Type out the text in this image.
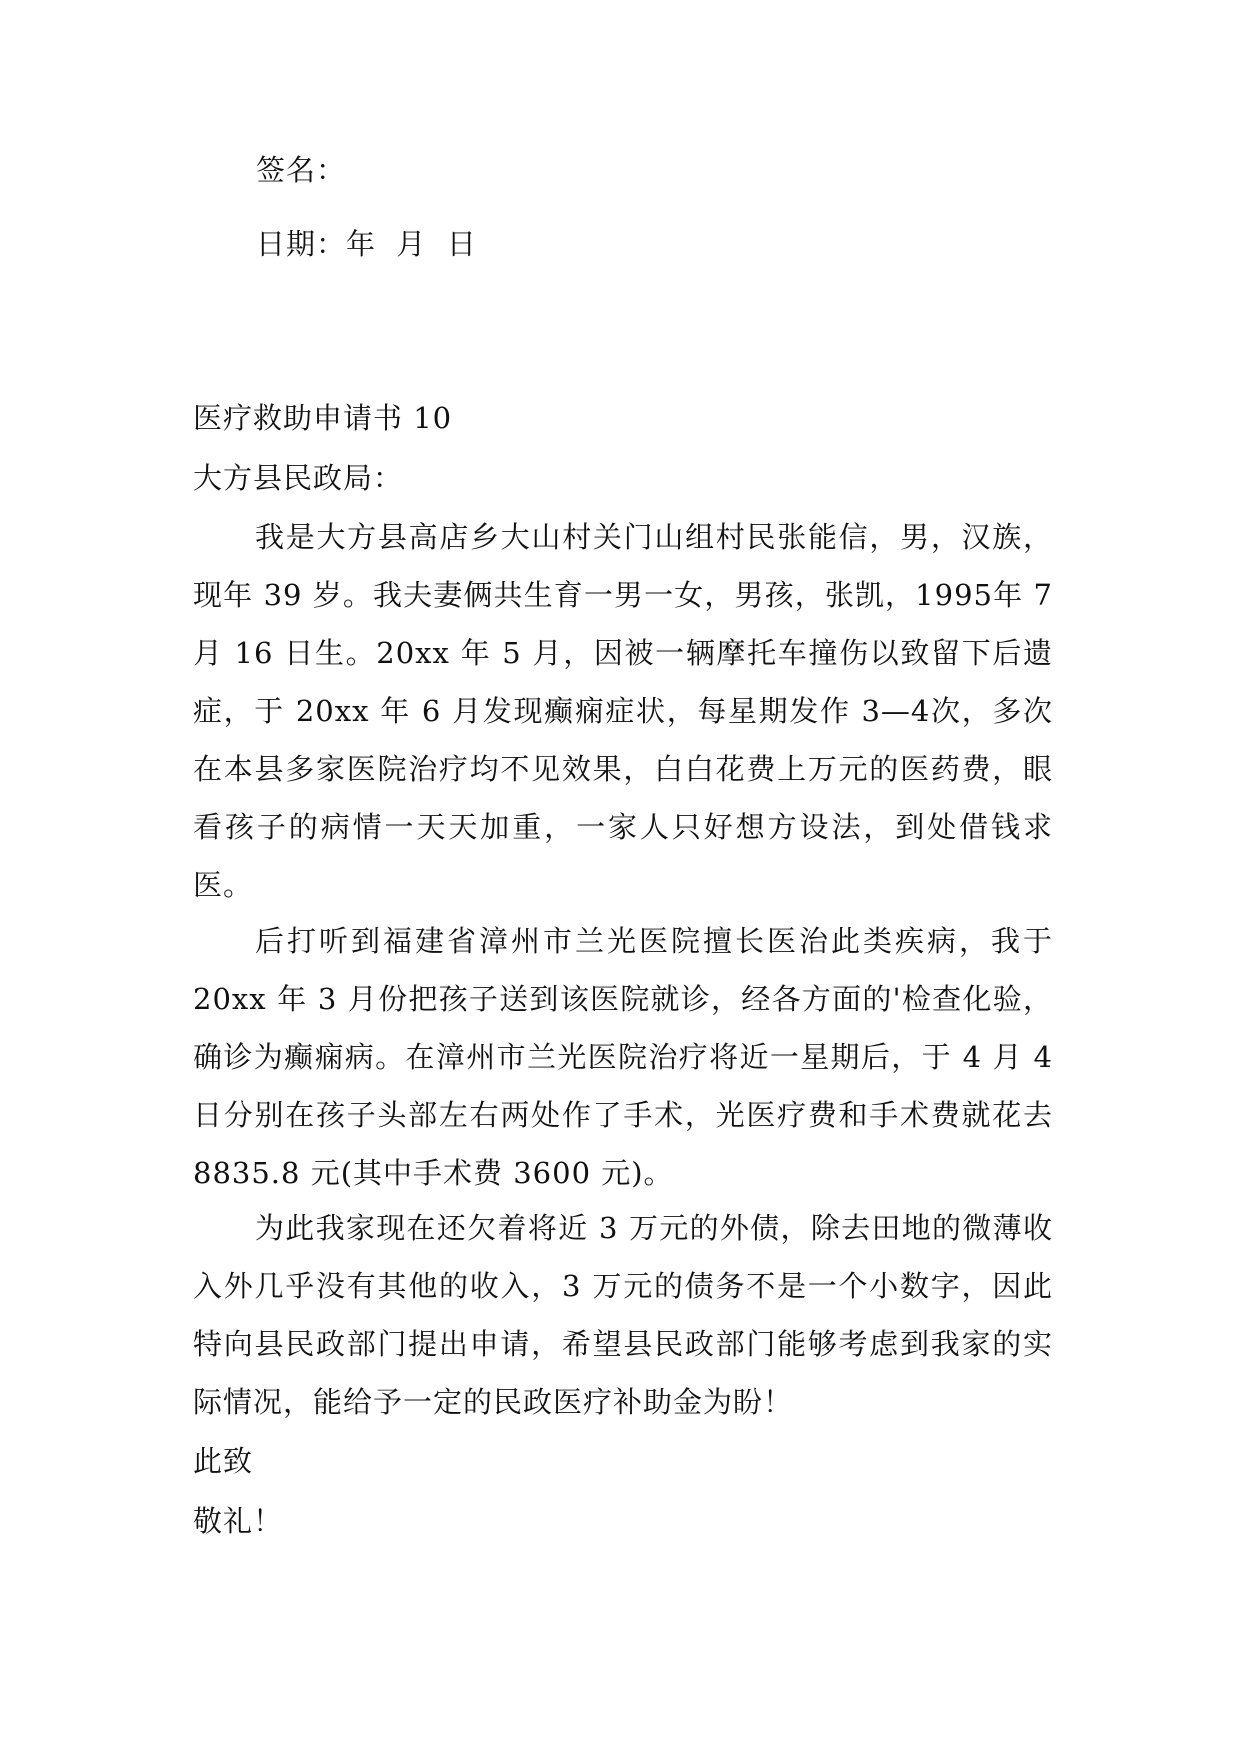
签名：
日期：年  月  日
医疗救助申请书 10
大方县民政局：
我是大方县高店乡大山村关门山组村民张能信，男，汉族，现年 39 岁。我夫妻俩共生育一男一女，男孩，张凯，1995年 7 月 16 日生。20xx 年 5 月，因被一辆摩托车撞伤以致留下后遗症，于 20xx 年 6 月发现癫痫症状，每星期发作 3—4次，多次在本县多家医院治疗均不见效果，白白花费上万元的医药费，眼看孩子的病情一天天加重，一家人只好想方设法，到处借钱求医。
后打听到福建省漳州市兰光医院擅长医治此类疾病，我于 20xx 年 3 月份把孩子送到该医院就诊，经各方面的'检查化验，确诊为癫痫病。在漳州市兰光医院治疗将近一星期后，于 4 月 4 日分别在孩子头部左右两处作了手术，光医疗费和手术费就花去 8835.8 元(其中手术费 3600 元)。
为此我家现在还欠着将近 3 万元的外债，除去田地的微薄收入外几乎没有其他的收入，3 万元的债务不是一个小数字，因此特向县民政部门提出申请，希望县民政部门能够考虑到我家的实际情况，能给予一定的民政医疗补助金为盼！
此致
敬礼！
